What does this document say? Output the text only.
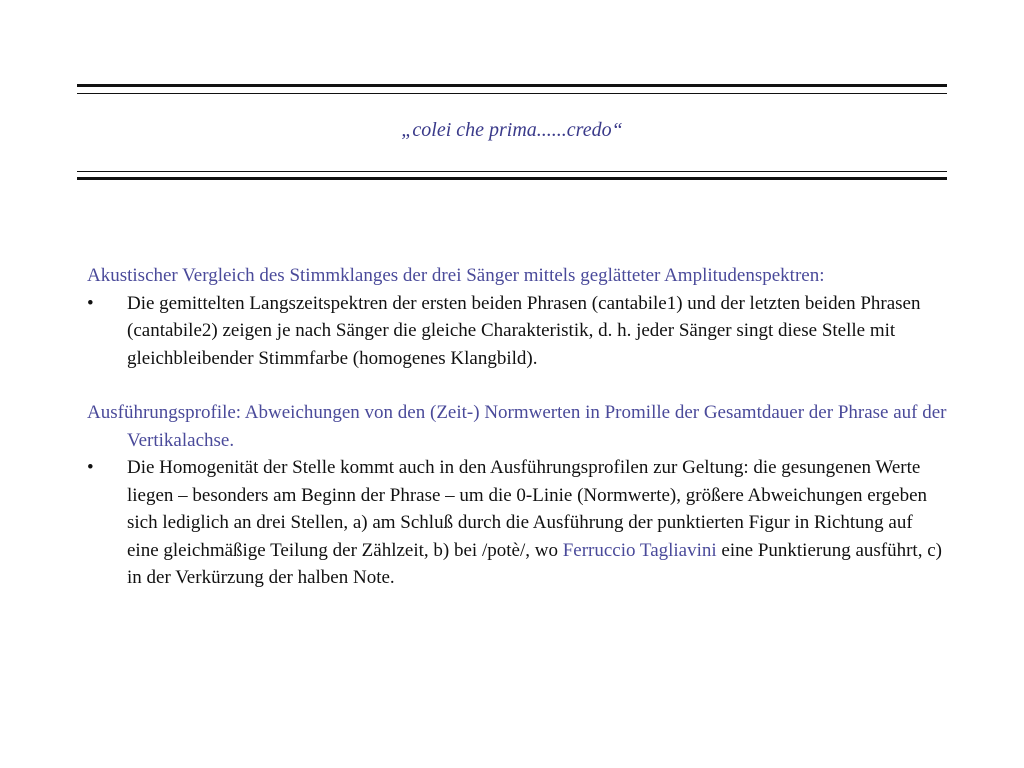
„colei che prima......credo“
Akustischer Vergleich des Stimmklanges der drei Sänger mittels geglätteter Amplitudenspektren:
• Die gemittelten Langszeitspektren der ersten beiden Phrasen (cantabile1) und der letzten beiden Phrasen (cantabile2) zeigen je nach Sänger die gleiche Charakteristik, d. h. jeder Sänger singt diese Stelle mit gleichbleibender Stimmfarbe (homogenes Klangbild).
Ausführungsprofile: Abweichungen von den (Zeit-) Normwerten in Promille der Gesamtdauer der Phrase auf der Vertikalachse.
• Die Homogenität der Stelle kommt auch in den Ausführungsprofilen zur Geltung: die gesungenen Werte liegen – besonders am Beginn der Phrase – um die 0-Linie (Normwerte), größere Abweichungen ergeben sich lediglich an drei Stellen, a) am Schluß durch die Ausführung der punktierten Figur in Richtung auf eine gleichmäßige Teilung der Zählzeit, b) bei /potè/, wo Ferruccio Tagliavini eine Punktierung ausführt, c) in der Verkürzung der halben Note.
